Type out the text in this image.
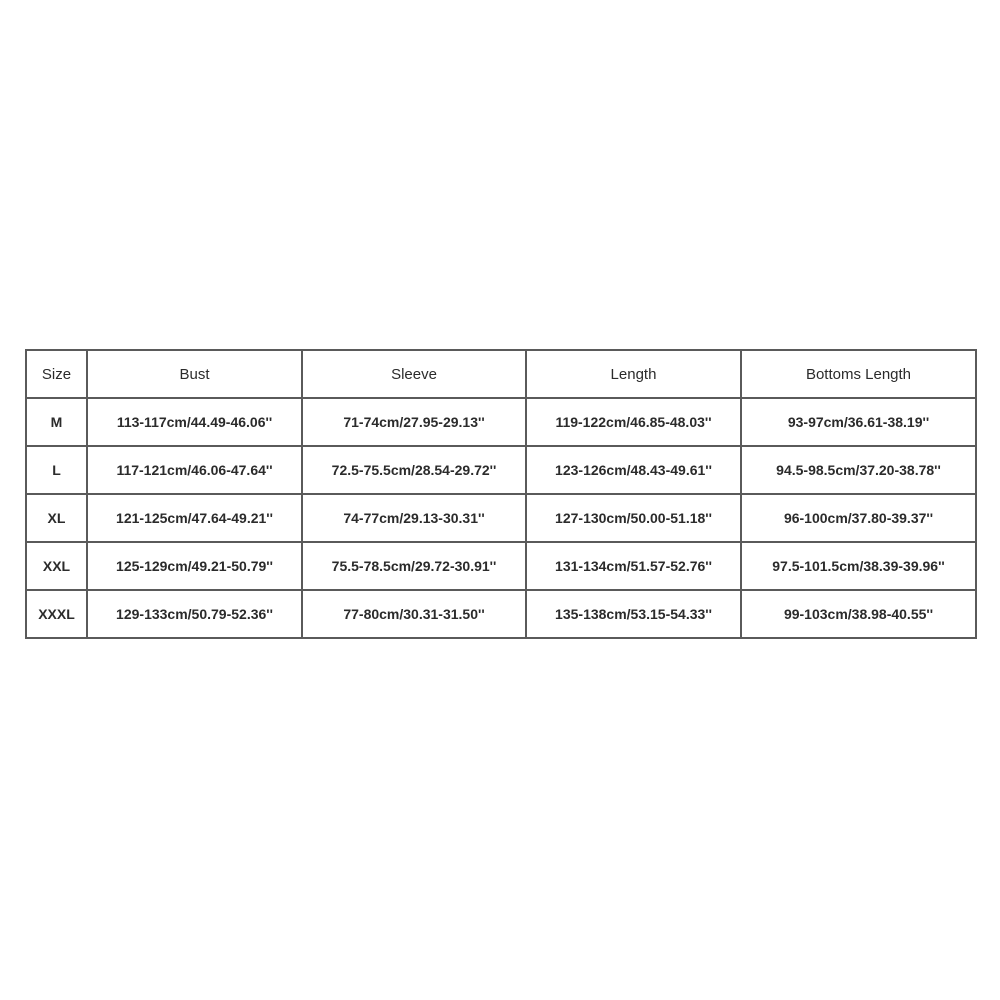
Size	Bust	Sleeve	Length	Bottoms Length
M	113-117cm/44.49-46.06''	71-74cm/27.95-29.13''	119-122cm/46.85-48.03''	93-97cm/36.61-38.19''
L	117-121cm/46.06-47.64''	72.5-75.5cm/28.54-29.72''	123-126cm/48.43-49.61''	94.5-98.5cm/37.20-38.78''
XL	121-125cm/47.64-49.21''	74-77cm/29.13-30.31''	127-130cm/50.00-51.18''	96-100cm/37.80-39.37''
XXL	125-129cm/49.21-50.79''	75.5-78.5cm/29.72-30.91''	131-134cm/51.57-52.76''	97.5-101.5cm/38.39-39.96''
XXXL	129-133cm/50.79-52.36''	77-80cm/30.31-31.50''	135-138cm/53.15-54.33''	99-103cm/38.98-40.55''
